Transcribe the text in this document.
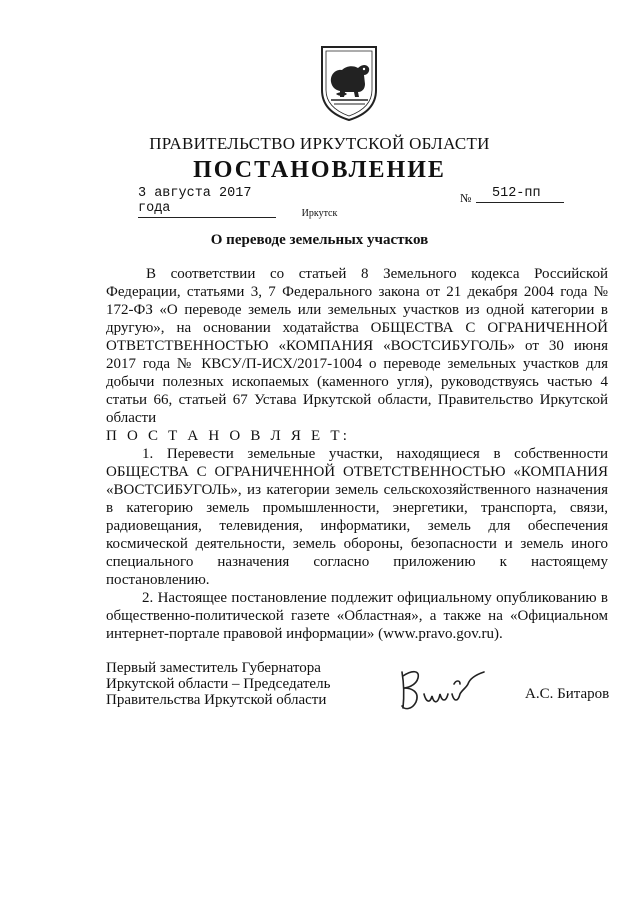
ПРАВИТЕЛЬСТВО ИРКУТСКОЙ ОБЛАСТИ
ПОСТАНОВЛЕНИЕ
3 августа 2017 года
№	512-пп
Иркутск
О переводе земельных участков

В соответствии со статьей 8 Земельного кодекса Российской Федерации, статьями 3, 7 Федерального закона от 21 декабря 2004 года № 172-ФЗ «О переводе земель или земельных участков из одной категории в другую», на основании ходатайства ОБЩЕСТВА С ОГРАНИЧЕННОЙ ОТВЕТСТВЕННОСТЬЮ «КОМПАНИЯ «ВОСТСИБУГОЛЬ» от 30 июня 2017 года № КВСУ/П-ИСХ/2017-1004 о переводе земельных участков для добычи полезных ископаемых (каменного угля), руководствуясь частью 4 статьи 66, статьей 67 Устава Иркутской области, Правительство Иркутской области

П О С Т А Н О В Л Я Е Т:

1. Перевести земельные участки, находящиеся в собственности ОБЩЕСТВА С ОГРАНИЧЕННОЙ ОТВЕТСТВЕННОСТЬЮ «КОМПАНИЯ «ВОСТСИБУГОЛЬ», из категории земель сельскохозяйственного назначения в категорию земель промышленности, энергетики, транспорта, связи, радиовещания, телевидения, информатики, земель для обеспечения космической деятельности, земель обороны, безопасности и земель иного специального назначения согласно приложению к настоящему постановлению.

2. Настоящее постановление подлежит официальному опубликованию в общественно-политической газете «Областная», а также на «Официальном интернет-портале правовой информации» (www.pravo.gov.ru).

Первый заместитель Губернатора
Иркутской области – Председатель
Правительства Иркутской области	А.С. Битаров
